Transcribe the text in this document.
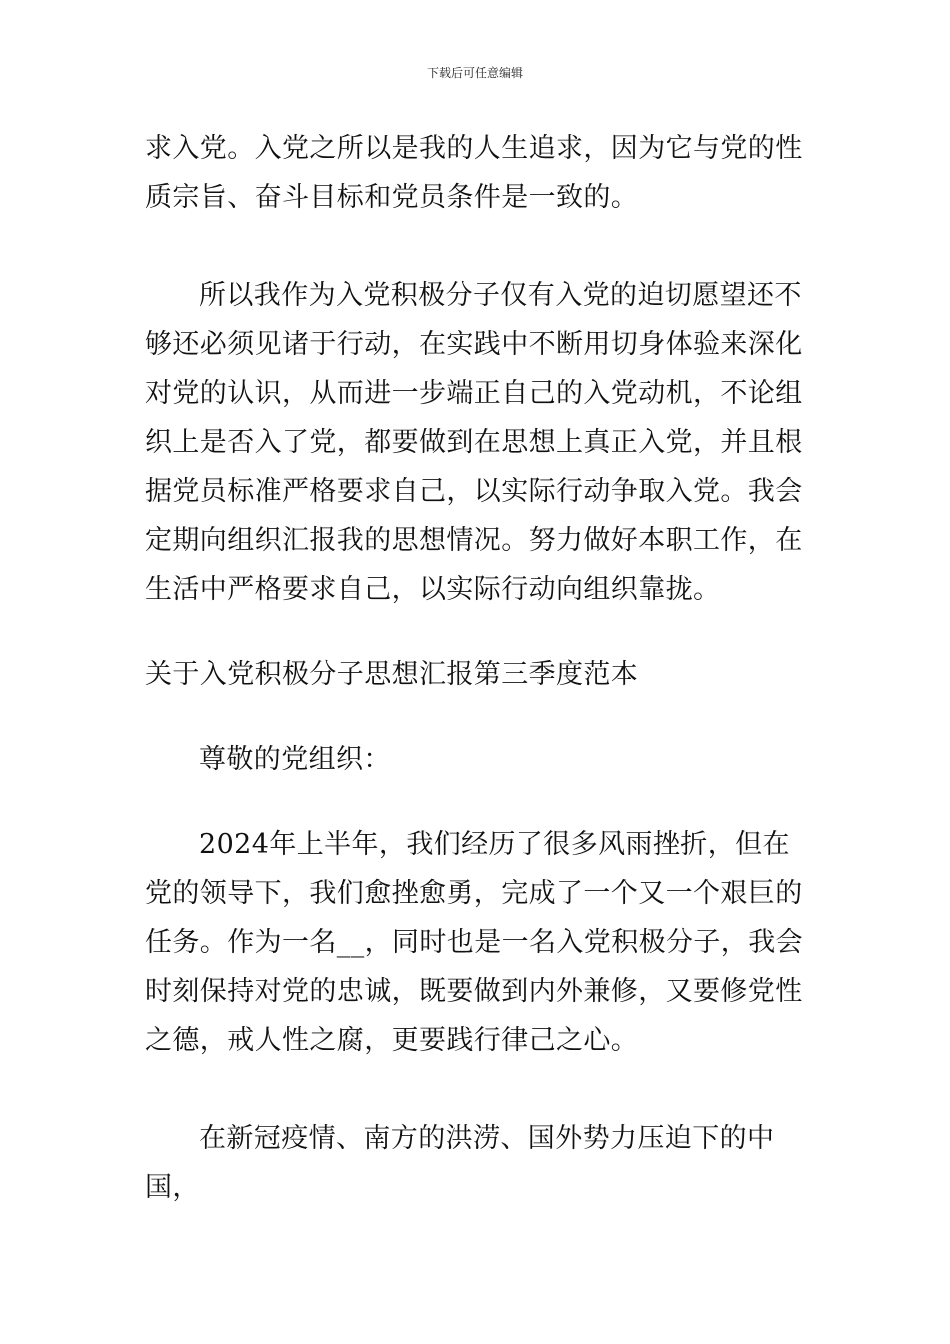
下载后可任意编辑

求入党。入党之所以是我的人生追求，因为它与党的性质宗旨、奋斗目标和党员条件是一致的。

所以我作为入党积极分子仅有入党的迫切愿望还不够还必须见诸于行动，在实践中不断用切身体验来深化对党的认识，从而进一步端正自己的入党动机，不论组织上是否入了党，都要做到在思想上真正入党，并且根据党员标准严格要求自己，以实际行动争取入党。我会定期向组织汇报我的思想情况。努力做好本职工作，在生活中严格要求自己，以实际行动向组织靠拢。

关于入党积极分子思想汇报第三季度范本

尊敬的党组织：

2024年上半年，我们经历了很多风雨挫折，但在党的领导下，我们愈挫愈勇，完成了一个又一个艰巨的任务。作为一名__，同时也是一名入党积极分子，我会时刻保持对党的忠诚，既要做到内外兼修，又要修党性之德，戒人性之腐，更要践行律己之心。

在新冠疫情、南方的洪涝、国外势力压迫下的中国，
